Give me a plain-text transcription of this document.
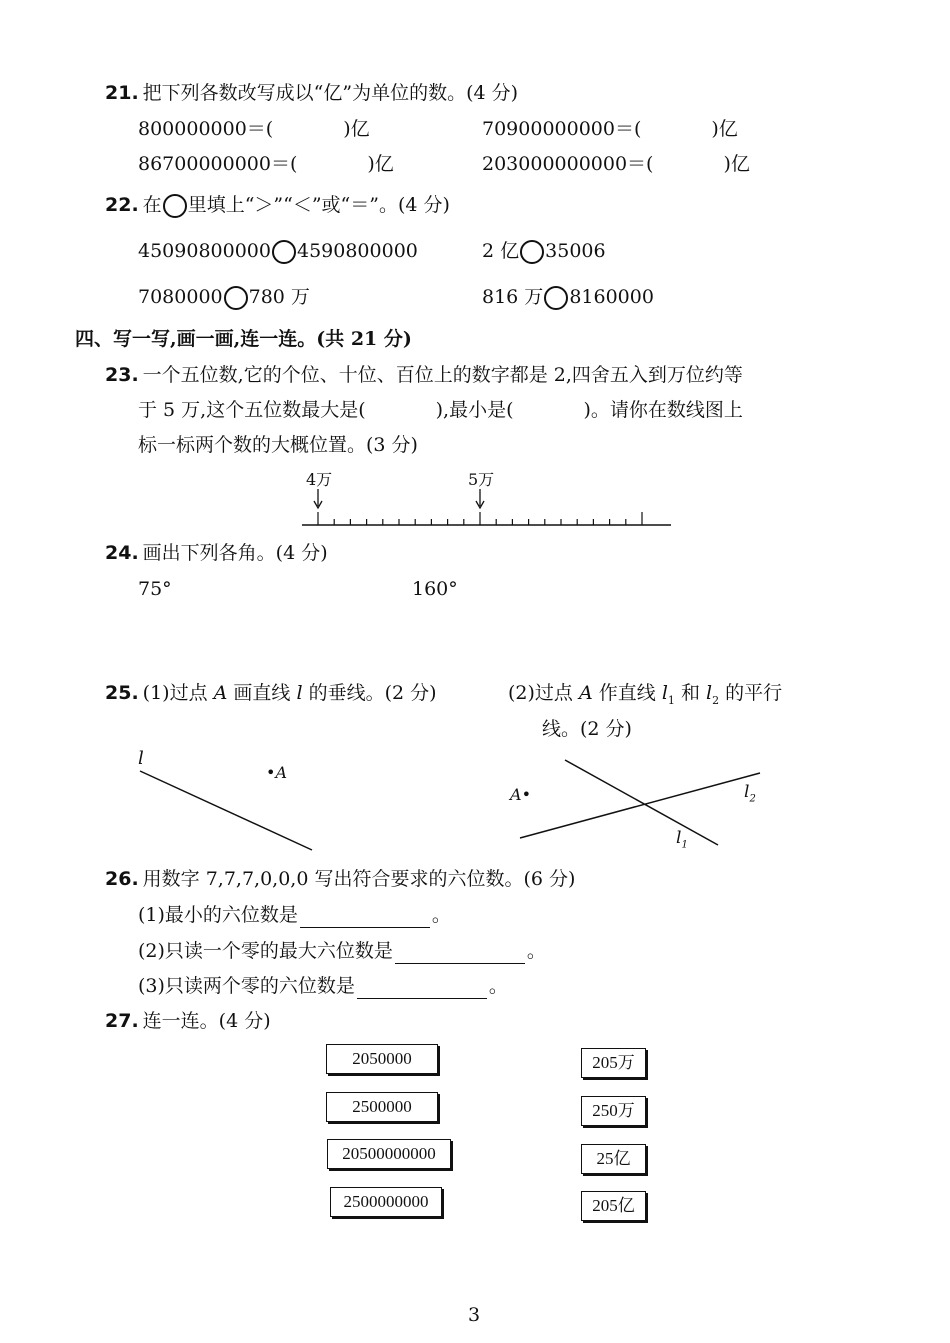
21. 把下列各数改写成以“亿”为单位的数。(4 分)
800000000＝(	)亿	70900000000＝(	)亿
86700000000＝(	)亿	203000000000＝(	)亿
22. 在 里填上“＞”“＜”或“＝”。(4 分)
45090800000 4590800000	2 亿 35006
7080000 780 万	816 万 8160000
四、写一写,画一画,连一连。(共 21 分)
23. 一个五位数,它的个位、十位、百位上的数字都是 2,四舍五入到万位约等
于 5 万,这个五位数最大是(	),最小是(	)。请你在数线图上
标一标两个数的大概位置。(3 分)
4万	5万
24. 画出下列各角。(4 分)
75°	160°
25. (1)过点 A 画直线 l 的垂线。(2 分)	(2)过点 A 作直线 $l_1$ 和 $l_2$ 的平行
线。(2 分)
l
•A
A•	$l_2$
$l_1$
26. 用数字 7,7,7,0,0,0 写出符合要求的六位数。(6 分)
(1)最小的六位数是	。
(2)只读一个零的最大六位数是	。
(3)只读两个零的六位数是	。
27. 连一连。(4 分)
2050000
2500000
20500000000
2500000000
205万
250万
25亿
205亿
3
